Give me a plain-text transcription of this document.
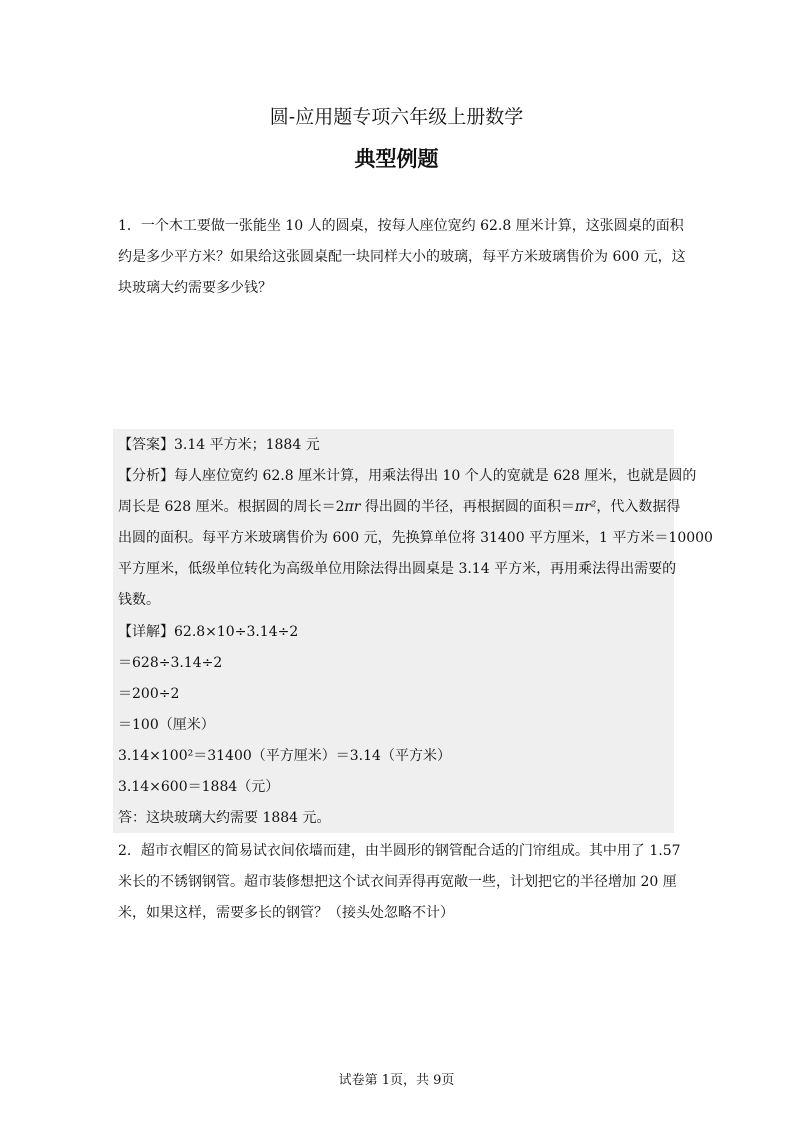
圆-应用题专项六年级上册数学
典型例题

1．一个木工要做一张能坐 10 人的圆桌，按每人座位宽约 62.8 厘米计算，这张圆桌的面积

约是多少平方米？如果给这张圆桌配一块同样大小的玻璃，每平方米玻璃售价为 600 元，这

块玻璃大约需要多少钱？

【答案】3.14 平方米；1884 元

【分析】每人座位宽约 62.8 厘米计算，用乘法得出 10 个人的宽就是 628 厘米，也就是圆的

周长是 628 厘米。根据圆的周长＝2πr 得出圆的半径，再根据圆的面积＝πr²，代入数据得

出圆的面积。每平方米玻璃售价为 600 元，先换算单位将 31400 平方厘米，1 平方米＝10000

平方厘米，低级单位转化为高级单位用除法得出圆桌是 3.14 平方米，再用乘法得出需要的

钱数。

【详解】62.8×10÷3.14÷2

＝628÷3.14÷2

＝200÷2

＝100（厘米）

3.14×100²＝31400（平方厘米）＝3.14（平方米）

3.14×600＝1884（元）

答：这块玻璃大约需要 1884 元。

2．超市衣帽区的简易试衣间依墙而建，由半圆形的钢管配合适的门帘组成。其中用了 1.57

米长的不锈钢钢管。超市装修想把这个试衣间弄得再宽敞一些，计划把它的半径增加 20 厘

米，如果这样，需要多长的钢管？（接头处忽略不计）

试卷第 1页，共 9页
